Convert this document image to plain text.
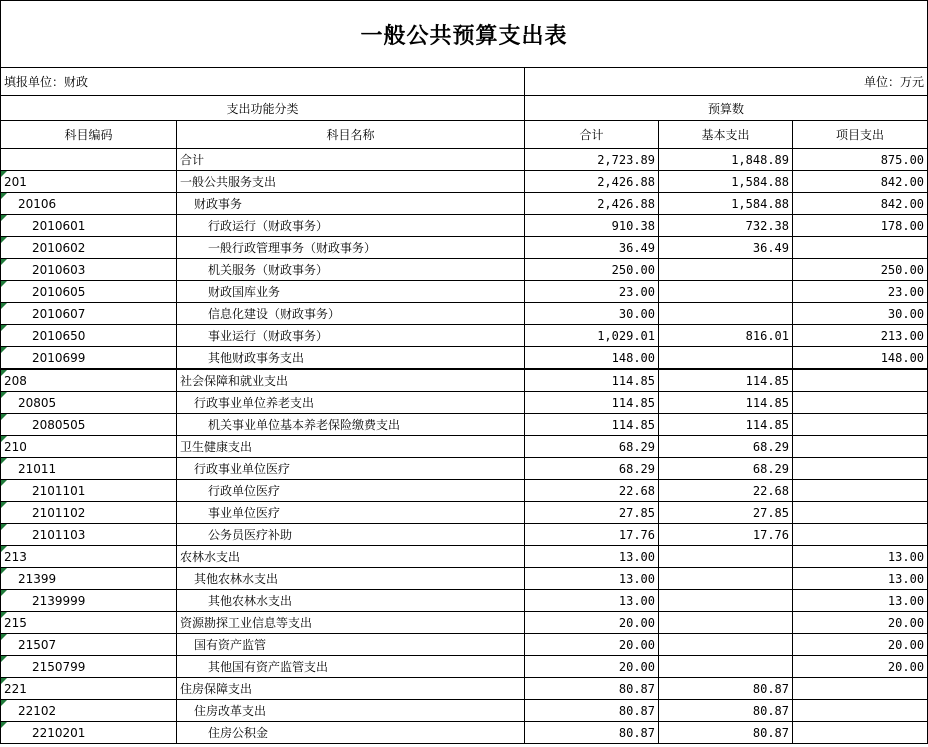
一般公共预算支出表				
填报单位：财政		单位：万元		
支出功能分类		预算数		
科目编码	科目名称	合计	基本支出	项目支出
	合计	2,723.89	1,848.89	875.00

201	一般公共服务支出	2,426.88	1,584.88	842.00

20106	财政事务	2,426.88	1,584.88	842.00

2010601	行政运行（财政事务）	910.38	732.38	178.00

2010602	一般行政管理事务（财政事务）	36.49	36.49	

2010603	机关服务（财政事务）	250.00		250.00

2010605	财政国库业务	23.00		23.00

2010607	信息化建设（财政事务）	30.00		30.00

2010650	事业运行（财政事务）	1,029.01	816.01	213.00

2010699	其他财政事务支出	148.00		148.00

208	社会保障和就业支出	114.85	114.85	

20805	行政事业单位养老支出	114.85	114.85	

2080505	机关事业单位基本养老保险缴费支出	114.85	114.85	

210	卫生健康支出	68.29	68.29	

21011	行政事业单位医疗	68.29	68.29	

2101101	行政单位医疗	22.68	22.68	

2101102	事业单位医疗	27.85	27.85	

2101103	公务员医疗补助	17.76	17.76	

213	农林水支出	13.00		13.00

21399	其他农林水支出	13.00		13.00

2139999	其他农林水支出	13.00		13.00

215	资源勘探工业信息等支出	20.00		20.00

21507	国有资产监管	20.00		20.00

2150799	其他国有资产监管支出	20.00		20.00

221	住房保障支出	80.87	80.87	

22102	住房改革支出	80.87	80.87	

2210201	住房公积金	80.87	80.87	
